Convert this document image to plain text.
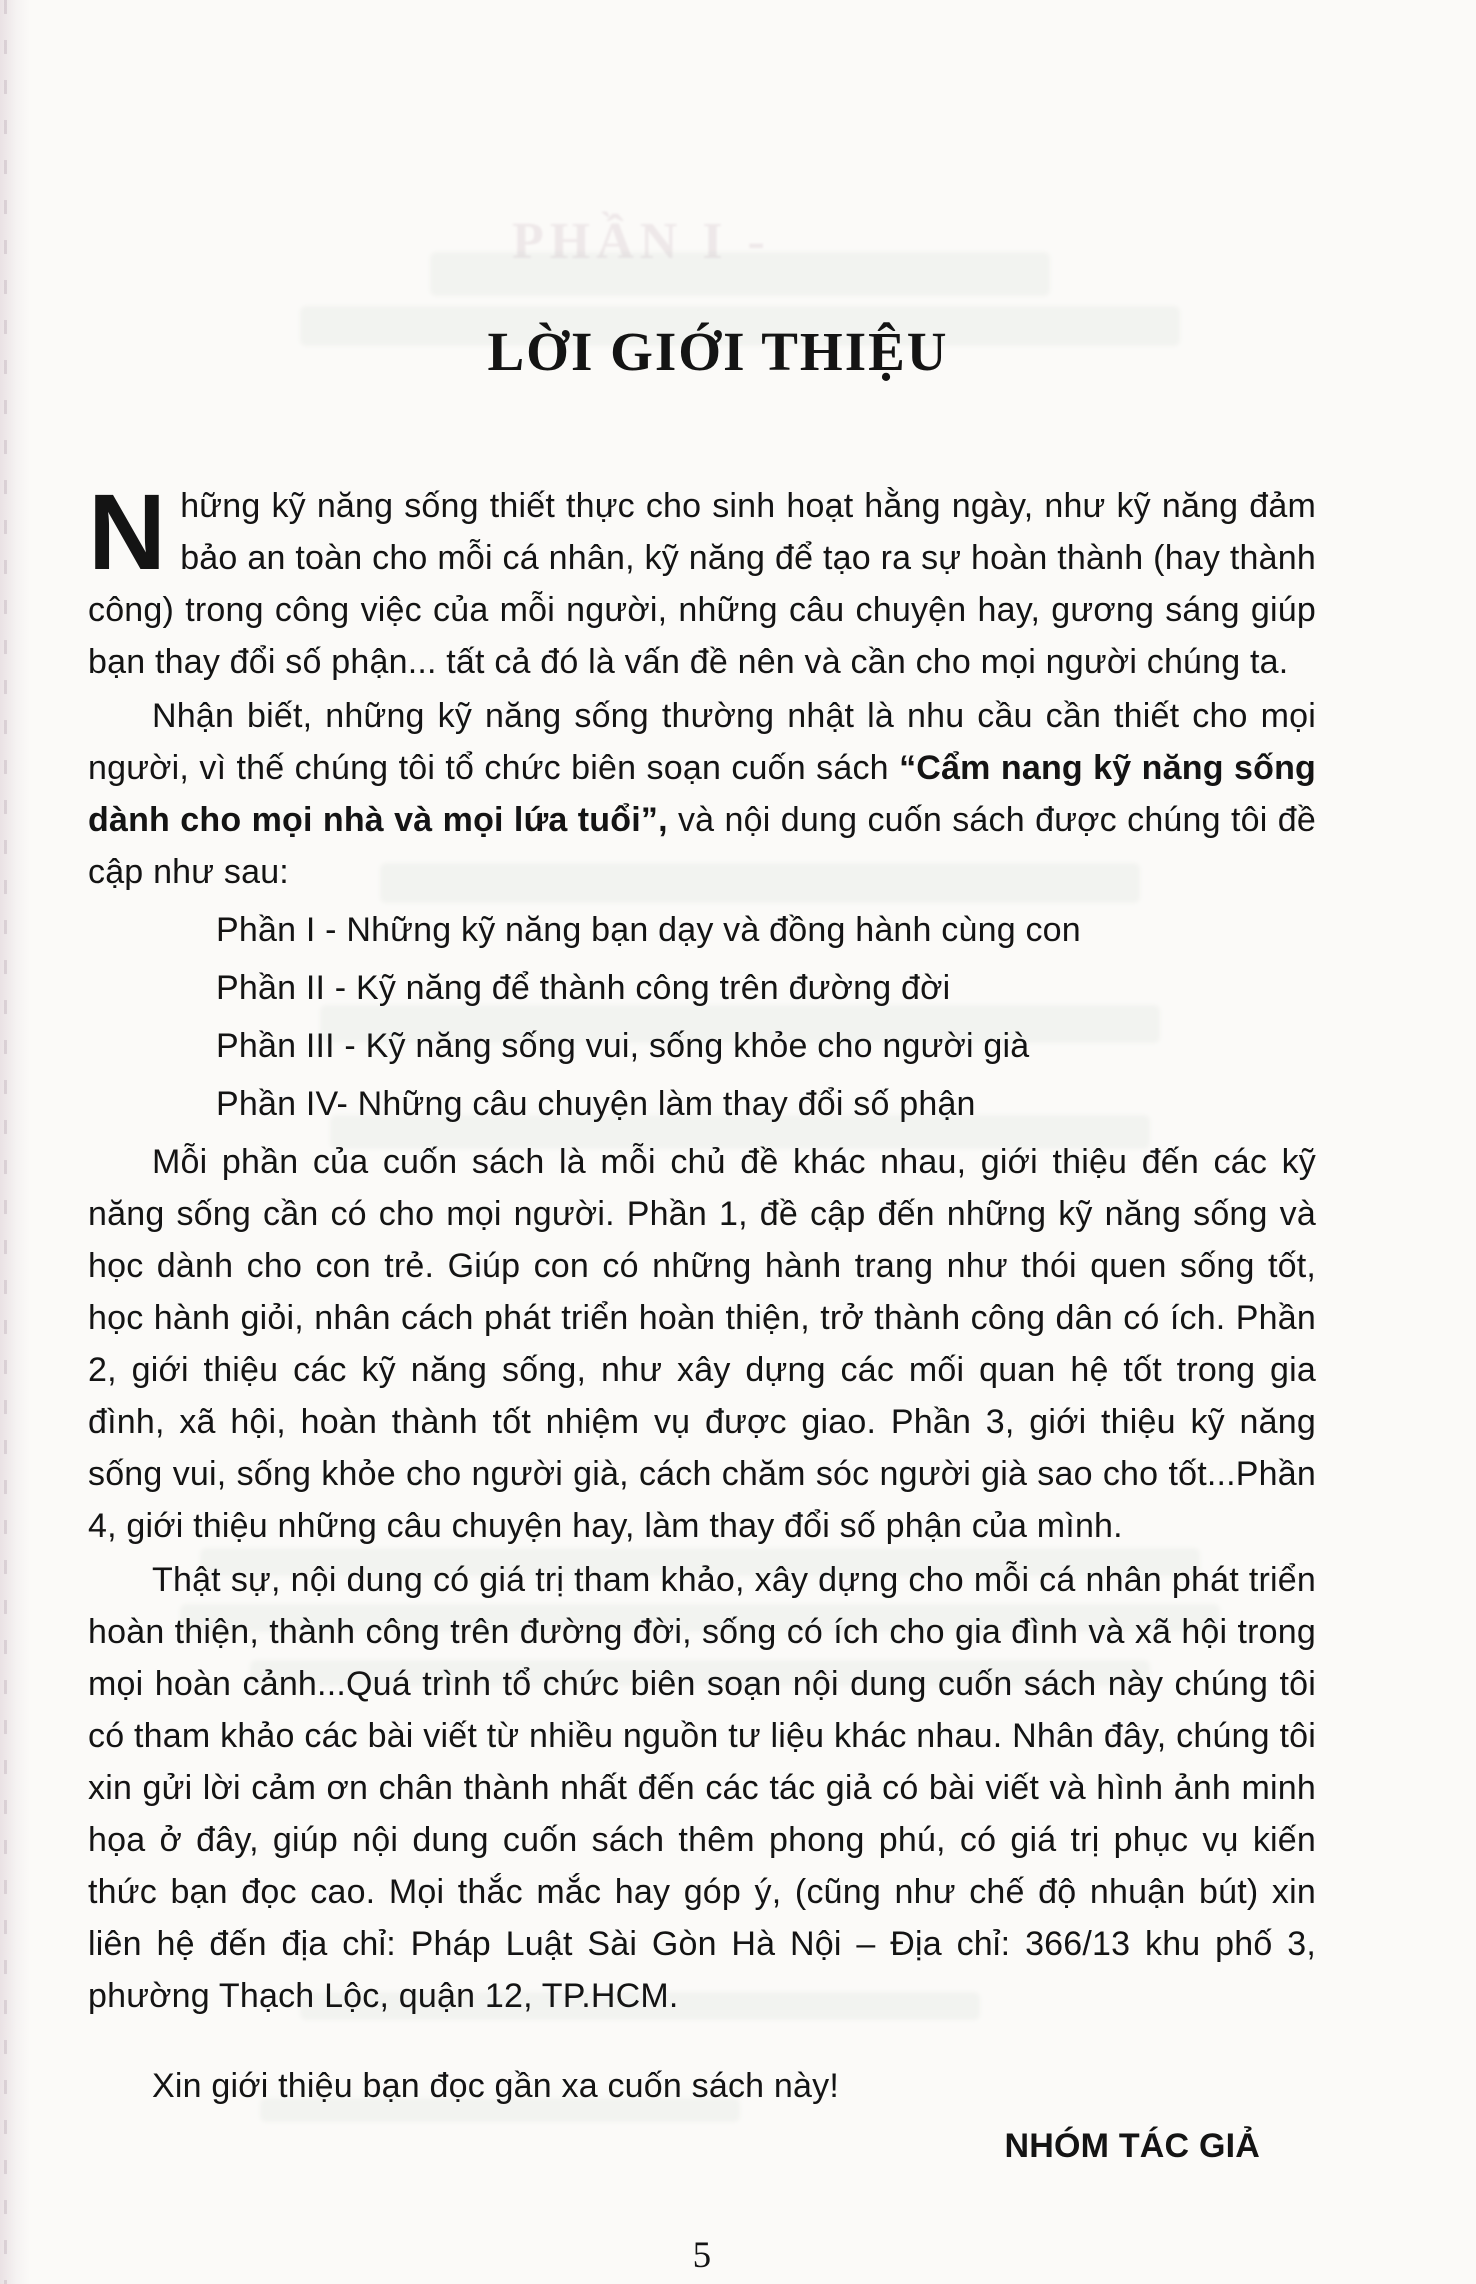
PHẦN I -
LỜI GIỚI THIỆU

Những kỹ năng sống thiết thực cho sinh hoạt hằng ngày, như kỹ năng đảm bảo an toàn cho mỗi cá nhân, kỹ năng để tạo ra sự hoàn thành (hay thành công) trong công việc của mỗi người, những câu chuyện hay, gương sáng giúp bạn thay đổi số phận... tất cả đó là vấn đề nên và cần cho mọi người chúng ta.

Nhận biết, những kỹ năng sống thường nhật là nhu cầu cần thiết cho mọi người, vì thế chúng tôi tổ chức biên soạn cuốn sách “Cẩm nang kỹ năng sống dành cho mọi nhà và mọi lứa tuổi”, và nội dung cuốn sách được chúng tôi đề cập như sau:

Phần I - Những kỹ năng bạn dạy và đồng hành cùng con
Phần II - Kỹ năng để thành công trên đường đời
Phần III - Kỹ năng sống vui, sống khỏe cho người già
Phần IV- Những câu chuyện làm thay đổi số phận

Mỗi phần của cuốn sách là mỗi chủ đề khác nhau, giới thiệu đến các kỹ năng sống cần có cho mọi người. Phần 1, đề cập đến những kỹ năng sống và học dành cho con trẻ. Giúp con có những hành trang như thói quen sống tốt, học hành giỏi, nhân cách phát triển hoàn thiện, trở thành công dân có ích. Phần 2, giới thiệu các kỹ năng sống, như xây dựng các mối quan hệ tốt trong gia đình, xã hội, hoàn thành tốt nhiệm vụ được giao. Phần 3, giới thiệu kỹ năng sống vui, sống khỏe cho người già, cách chăm sóc người già sao cho tốt...Phần 4, giới thiệu những câu chuyện hay, làm thay đổi số phận của mình.

Thật sự, nội dung có giá trị tham khảo, xây dựng cho mỗi cá nhân phát triển hoàn thiện, thành công trên đường đời, sống có ích cho gia đình và xã hội trong mọi hoàn cảnh...Quá trình tổ chức biên soạn nội dung cuốn sách này chúng tôi có tham khảo các bài viết từ nhiều nguồn tư liệu khác nhau. Nhân đây, chúng tôi xin gửi lời cảm ơn chân thành nhất đến các tác giả có bài viết và hình ảnh minh họa ở đây, giúp nội dung cuốn sách thêm phong phú, có giá trị phục vụ kiến thức bạn đọc cao. Mọi thắc mắc hay góp ý, (cũng như chế độ nhuận bút) xin liên hệ đến địa chỉ: Pháp Luật Sài Gòn Hà Nội – Địa chỉ: 366/13 khu phố 3, phường Thạch Lộc, quận 12, TP.HCM.

Xin giới thiệu bạn đọc gần xa cuốn sách này!

NHÓM TÁC GIẢ
5
